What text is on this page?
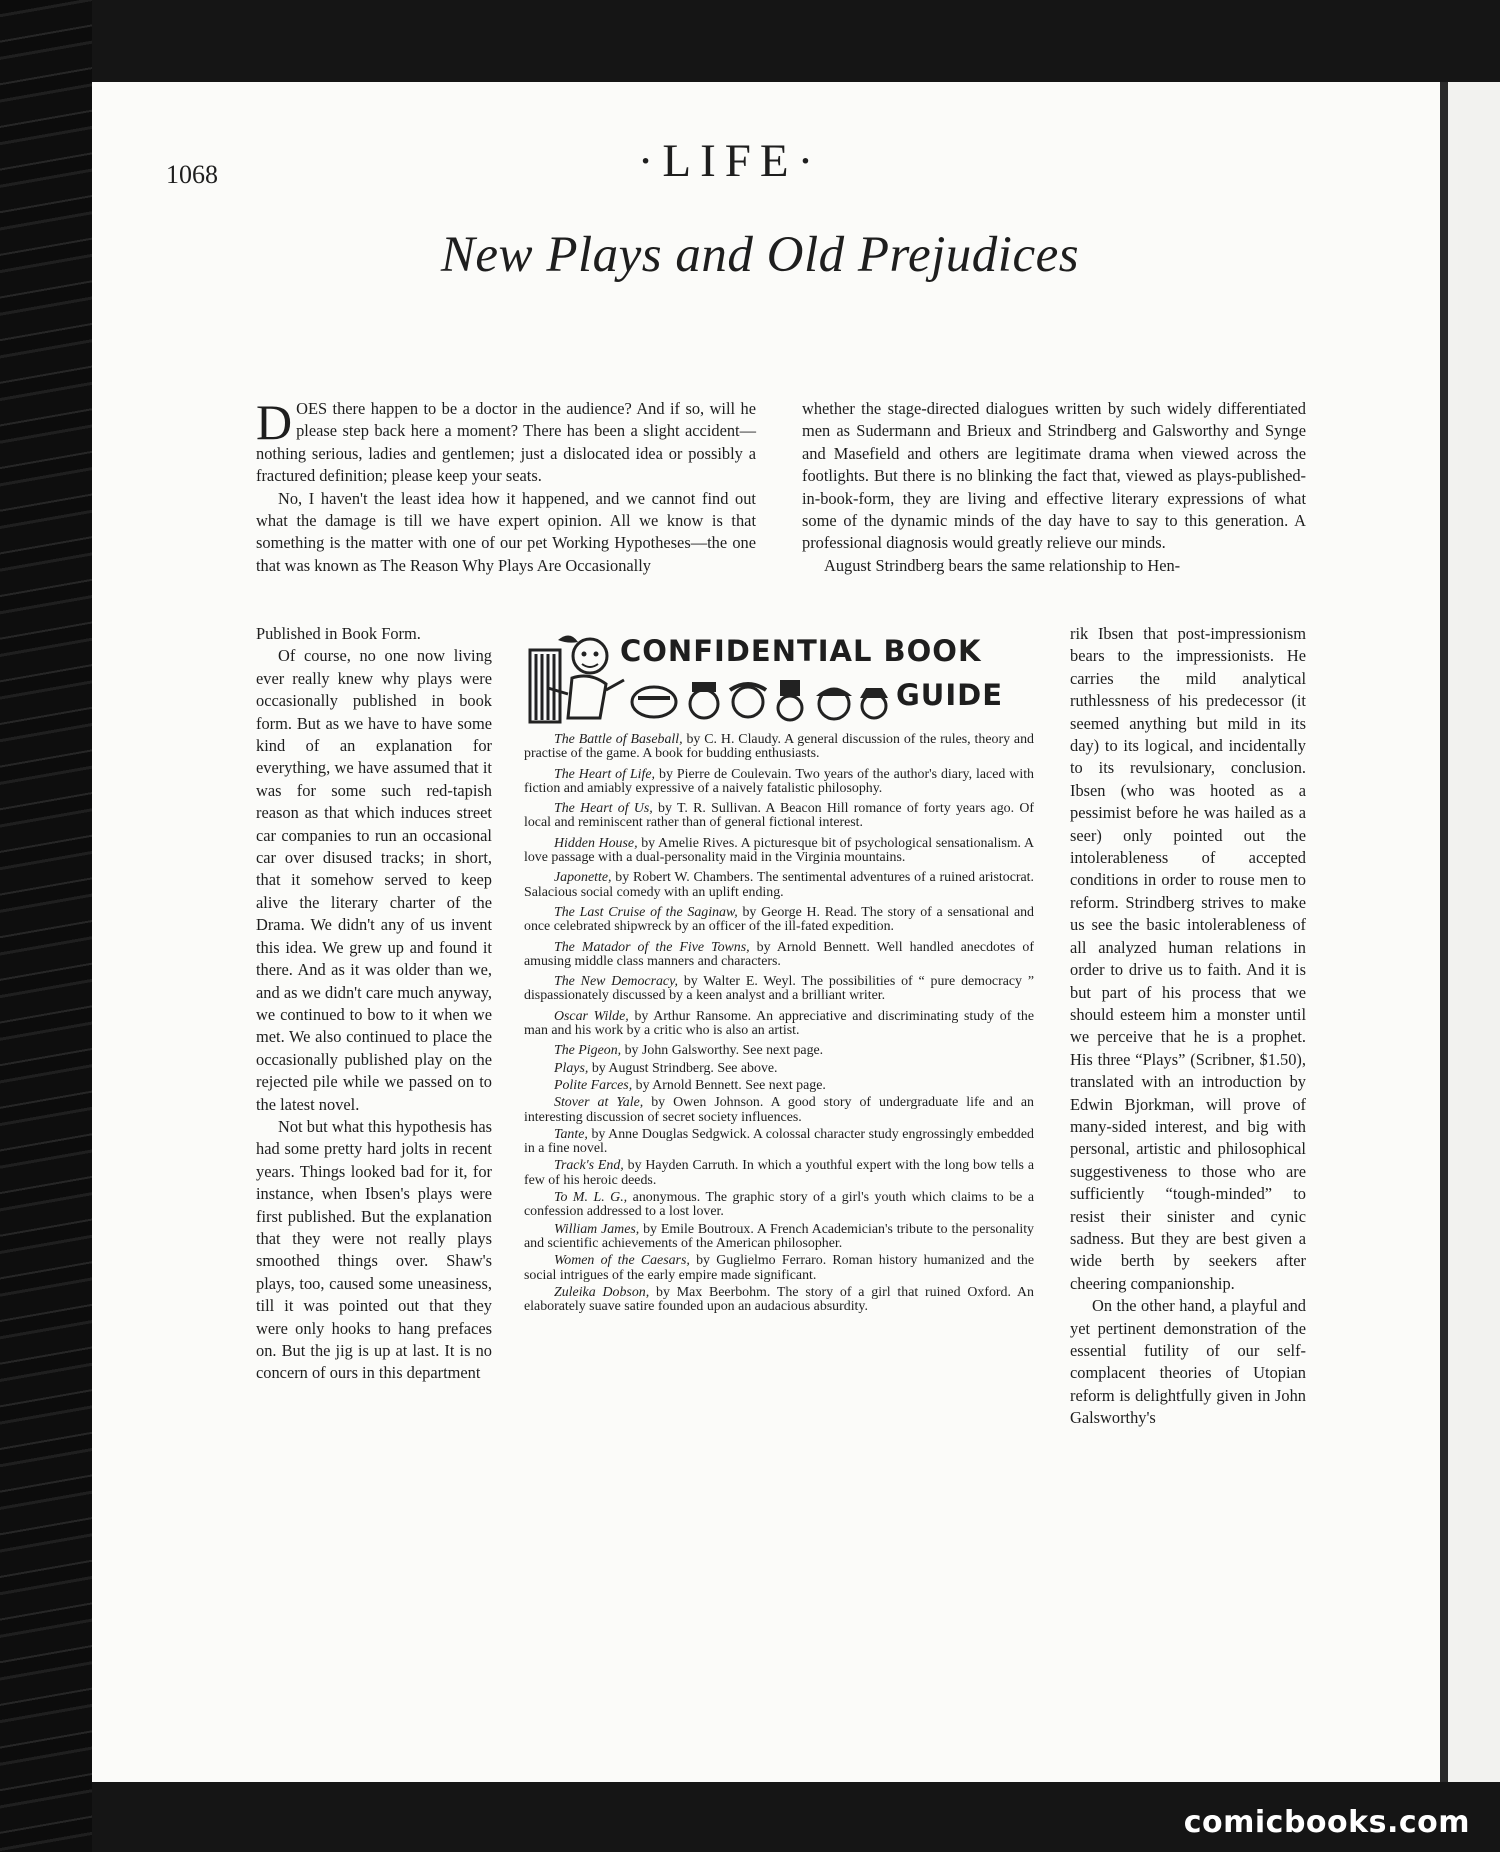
1068	·LIFE·
New Plays and Old Prejudices

DOES there happen to be a doctor in the audience? And if so, will he please step back here a moment? There has been a slight accident—nothing serious, ladies and gentlemen; just a dislocated idea or possibly a fractured definition; please keep your seats.

No, I haven't the least idea how it happened, and we cannot find out what the damage is till we have expert opinion. All we know is that something is the matter with one of our pet Working Hypotheses—the one that was known as The Reason Why Plays Are Occasionally

Published in Book Form.

Of course, no one now living ever really knew why plays were occasionally published in book form. But as we have to have some kind of an explanation for everything, we have assumed that it was for some such red-tapish reason as that which induces street car companies to run an occasional car over disused tracks; in short, that it somehow served to keep alive the literary charter of the Drama. We didn't any of us invent this idea. We grew up and found it there. And as it was older than we, and as we didn't care much anyway, we continued to bow to it when we met. We also continued to place the occasionally published play on the rejected pile while we passed on to the latest novel.

Not but what this hypothesis has had some pretty hard jolts in recent years. Things looked bad for it, for instance, when Ibsen's plays were first published. But the explanation that they were not really plays smoothed things over. Shaw's plays, too, caused some uneasiness, till it was pointed out that they were only hooks to hang prefaces on. But the jig is up at last. It is no concern of ours in this department

whether the stage-directed dialogues written by such widely differentiated men as Sudermann and Brieux and Strindberg and Galsworthy and Synge and Masefield and others are legitimate drama when viewed across the footlights. But there is no blinking the fact that, viewed as plays-published-in-book-form, they are living and effective literary expressions of what some of the dynamic minds of the day have to say to this generation. A professional diagnosis would greatly relieve our minds.

August Strindberg bears the same relationship to Hen-

rik Ibsen that post-impressionism bears to the impressionists. He carries the mild analytical ruthlessness of his predecessor (it seemed anything but mild in its day) to its logical, and incidentally to its revulsionary, conclusion. Ibsen (who was hooted as a pessimist before he was hailed as a seer) only pointed out the intolerableness of accepted conditions in order to rouse men to reform. Strindberg strives to make us see the basic intolerableness of all analyzed human relations in order to drive us to faith. And it is but part of his process that we should esteem him a monster until we perceive that he is a prophet. His three “Plays” (Scribner, $1.50), translated with an introduction by Edwin Bjorkman, will prove of many-sided interest, and big with personal, artistic and philosophical suggestiveness to those who are sufficiently “tough-minded” to resist their sinister and cynic sadness. But they are best given a wide berth by seekers after cheering companionship.

On the other hand, a playful and yet pertinent demonstration of the essential futility of our self-complacent theories of Utopian reform is delightfully given in John Galsworthy's

CONFIDENTIAL BOOK
GUIDE

The Battle of Baseball, by C. H. Claudy. A general discussion of the rules, theory and practise of the game. A book for budding enthusiasts.

The Heart of Life, by Pierre de Coulevain. Two years of the author's diary, laced with fiction and amiably expressive of a naively fatalistic philosophy.

The Heart of Us, by T. R. Sullivan. A Beacon Hill romance of forty years ago. Of local and reminiscent rather than of general fictional interest.

Hidden House, by Amelie Rives. A picturesque bit of psychological sensationalism. A love passage with a dual-personality maid in the Virginia mountains.

Japonette, by Robert W. Chambers. The sentimental adventures of a ruined aristocrat. Salacious social comedy with an uplift ending.

The Last Cruise of the Saginaw, by George H. Read. The story of a sensational and once celebrated shipwreck by an officer of the ill-fated expedition.

The Matador of the Five Towns, by Arnold Bennett. Well handled anecdotes of amusing middle class manners and characters.

The New Democracy, by Walter E. Weyl. The possibilities of “ pure democracy ” dispassionately discussed by a keen analyst and a brilliant writer.

Oscar Wilde, by Arthur Ransome. An appreciative and discriminating study of the man and his work by a critic who is also an artist.

The Pigeon, by John Galsworthy. See next page.

Plays, by August Strindberg. See above.

Polite Farces, by Arnold Bennett. See next page.

Stover at Yale, by Owen Johnson. A good story of undergraduate life and an interesting discussion of secret society influences.

Tante, by Anne Douglas Sedgwick. A colossal character study engrossingly embedded in a fine novel.

Track's End, by Hayden Carruth. In which a youthful expert with the long bow tells a few of his heroic deeds.

To M. L. G., anonymous. The graphic story of a girl's youth which claims to be a confession addressed to a lost lover.

William James, by Emile Boutroux. A French Academician's tribute to the personality and scientific achievements of the American philosopher.

Women of the Caesars, by Guglielmo Ferraro. Roman history humanized and the social intrigues of the early empire made significant.

Zuleika Dobson, by Max Beerbohm. The story of a girl that ruined Oxford. An elaborately suave satire founded upon an audacious absurdity.

comicbooks.com
